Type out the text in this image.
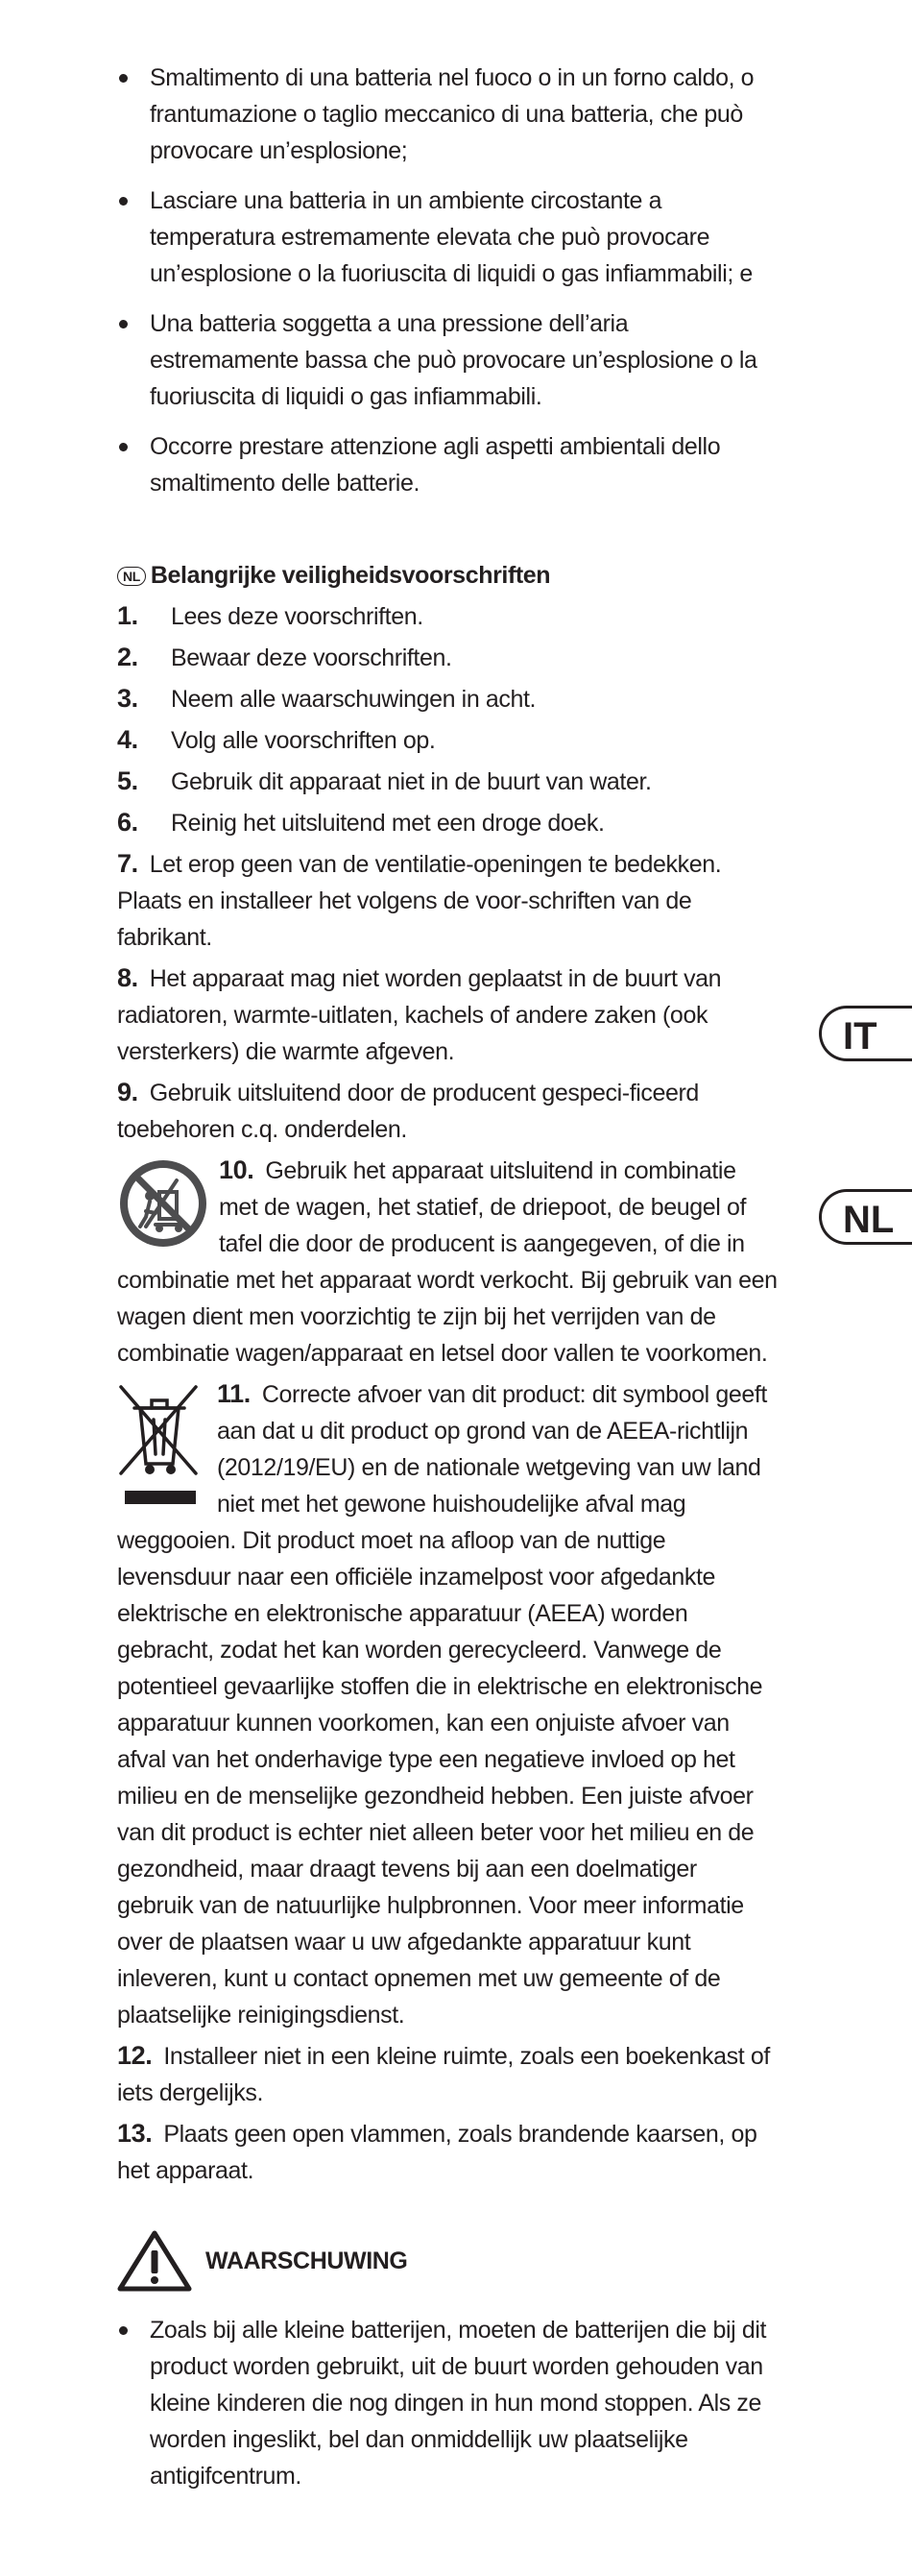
Smaltimento di una batteria nel fuoco o in un forno caldo, o frantumazione o taglio meccanico di una batteria, che può provocare un’esplosione;
Lasciare una batteria in un ambiente circostante a temperatura estremamente elevata che può provocare un’esplosione o la fuoriuscita di liquidi o gas infiammabili; e
Una batteria soggetta a una pressione dell’aria estremamente bassa che può provocare un’esplosione o la fuoriuscita di liquidi o gas infiammabili.
Occorre prestare attenzione agli aspetti ambientali dello smaltimento delle batterie.
NL Belangrijke veiligheidsvoorschriften
1. Lees deze voorschriften.
2. Bewaar deze voorschriften.
3. Neem alle waarschuwingen in acht.
4. Volg alle voorschriften op.
5. Gebruik dit apparaat niet in de buurt van water.
6. Reinig het uitsluitend met een droge doek.
7. Let erop geen van de ventilatie-openingen te bedekken. Plaats en installeer het volgens de voor-schriften van de fabrikant.
8. Het apparaat mag niet worden geplaatst in de buurt van radiatoren, warmte-uitlaten, kachels of andere zaken (ook versterkers) die warmte afgeven.
9. Gebruik uitsluitend door de producent gespeci-ficeerd toebehoren c.q. onderdelen.
10. Gebruik het apparaat uitsluitend in combinatie met de wagen, het statief, de driepoot, de beugel of tafel die door de producent is aangegeven, of die in combinatie met het apparaat wordt verkocht. Bij gebruik van een wagen dient men voorzichtig te zijn bij het verrijden van de combinatie wagen/apparaat en letsel door vallen te voorkomen.
11. Correcte afvoer van dit product: dit symbool geeft aan dat u dit product op grond van de AEEA-richtlijn (2012/19/EU) en de nationale wetgeving van uw land niet met het gewone huishoudelijke afval mag weggooien. Dit product moet na afloop van de nuttige levensduur naar een officiële inzamelpost voor afgedankte elektrische en elektronische apparatuur (AEEA) worden gebracht, zodat het kan worden gerecycleerd. Vanwege de potentieel gevaarlijke stoffen die in elektrische en elektronische apparatuur kunnen voorkomen, kan een onjuiste afvoer van afval van het onderhavige type een negatieve invloed op het milieu en de menselijke gezondheid hebben. Een juiste afvoer van dit product is echter niet alleen beter voor het milieu en de gezondheid, maar draagt tevens bij aan een doelmatiger gebruik van de natuurlijke hulpbronnen. Voor meer informatie over de plaatsen waar u uw afgedankte apparatuur kunt inleveren, kunt u contact opnemen met uw gemeente of de plaatselijke reinigingsdienst.
12. Installeer niet in een kleine ruimte, zoals een boekenkast of iets dergelijks.
13. Plaats geen open vlammen, zoals brandende kaarsen, op het apparaat.
WAARSCHUWING
Zoals bij alle kleine batterijen, moeten de batterijen die bij dit product worden gebruikt, uit de buurt worden gehouden van kleine kinderen die nog dingen in hun mond stoppen. Als ze worden ingeslikt, bel dan onmiddellijk uw plaatselijke antigifcentrum.
IT
NL
